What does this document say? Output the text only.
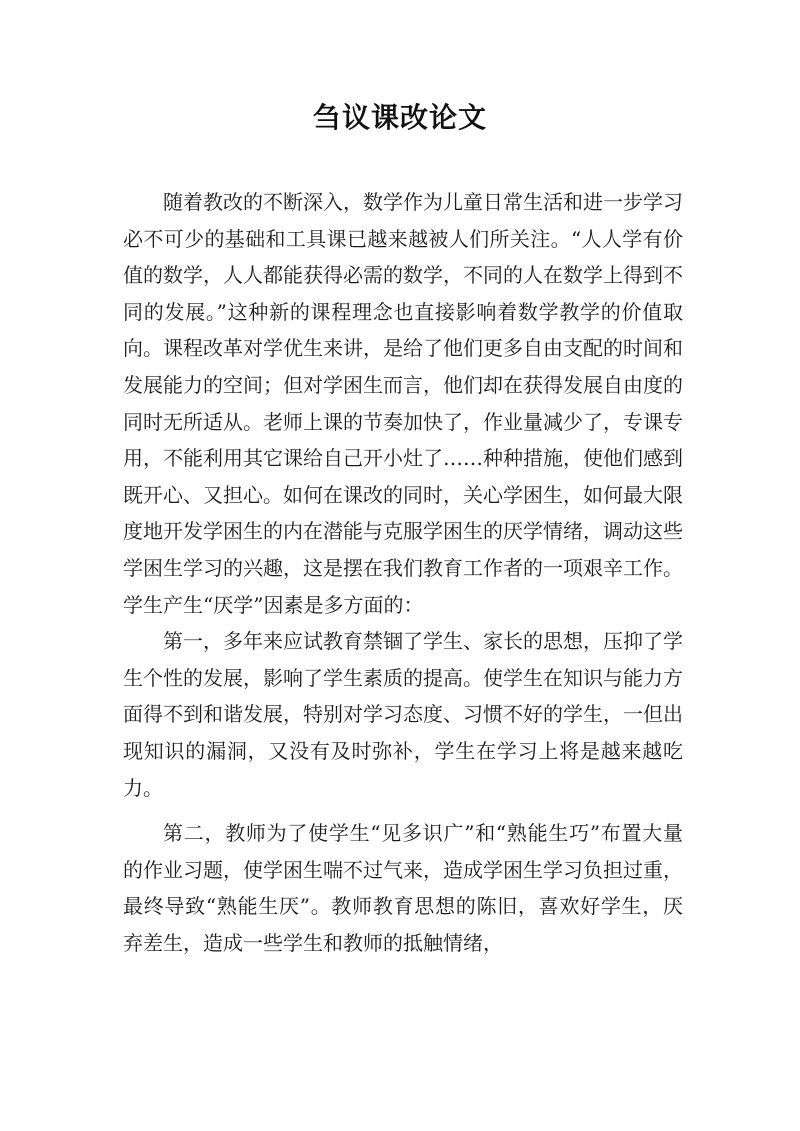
刍议课改论文

随着教改的不断深入，数学作为儿童日常生活和进一步学习必不可少的基础和工具课已越来越被人们所关注。“人人学有价值的数学，人人都能获得必需的数学，不同的人在数学上得到不同的发展。”这种新的课程理念也直接影响着数学教学的价值取向。课程改革对学优生来讲，是给了他们更多自由支配的时间和发展能力的空间；但对学困生而言，他们却在获得发展自由度的同时无所适从。老师上课的节奏加快了，作业量减少了，专课专用，不能利用其它课给自己开小灶了……种种措施，使他们感到既开心、又担心。如何在课改的同时，关心学困生，如何最大限度地开发学困生的内在潜能与克服学困生的厌学情绪，调动这些学困生学习的兴趣，这是摆在我们教育工作者的一项艰辛工作。学生产生“厌学”因素是多方面的：

第一，多年来应试教育禁锢了学生、家长的思想，压抑了学生个性的发展，影响了学生素质的提高。使学生在知识与能力方面得不到和谐发展，特别对学习态度、习惯不好的学生，一但出现知识的漏洞，又没有及时弥补，学生在学习上将是越来越吃力。

第二，教师为了使学生“见多识广”和“熟能生巧”布置大量的作业习题，使学困生喘不过气来，造成学困生学习负担过重，最终导致“熟能生厌”。教师教育思想的陈旧，喜欢好学生，厌弃差生，造成一些学生和教师的抵触情绪，
